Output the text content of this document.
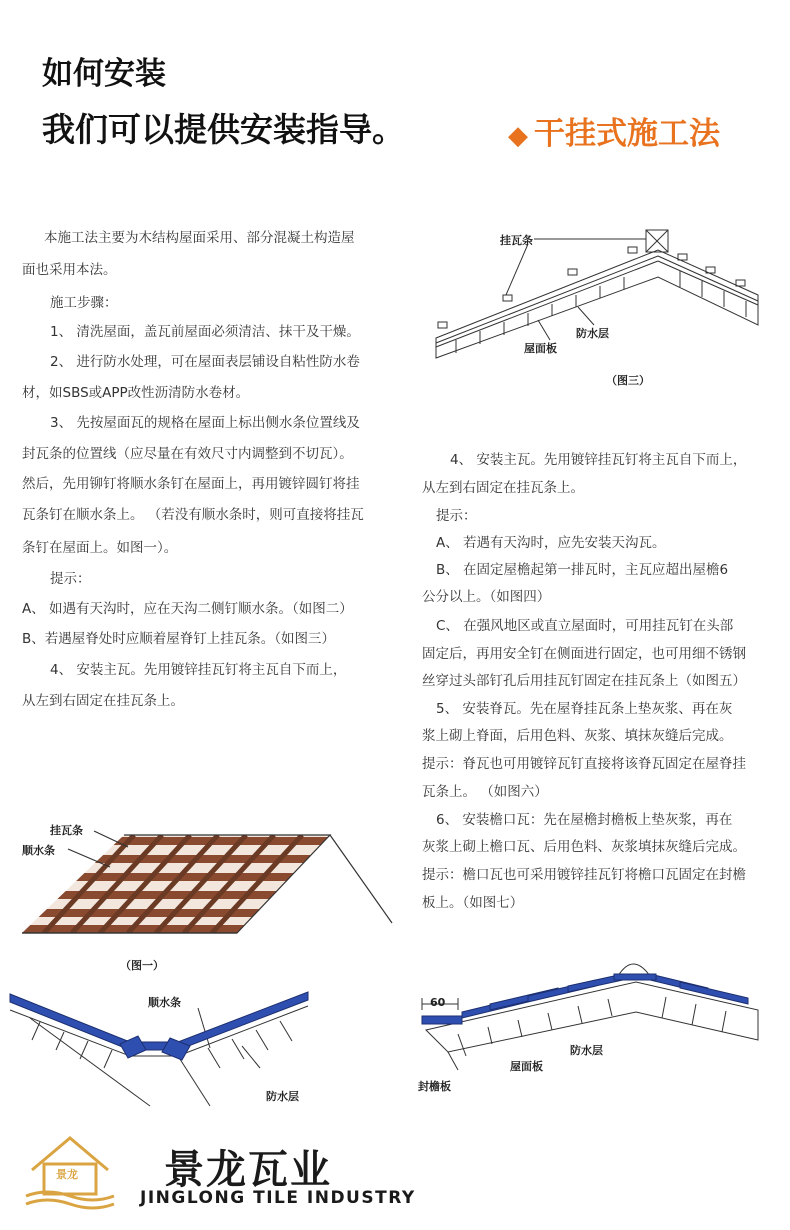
如何安装
我们可以提供安装指导。	◆ 干挂式施工法
本施工法主要为木结构屋面采用、部分混凝土构造屋
面也采用本法。
施工步骤：
1、 清洗屋面，盖瓦前屋面必须清洁、抹干及干燥。
2、 进行防水处理，可在屋面表层铺设自粘性防水卷
材，如SBS或APP改性沥清防水卷材。
3、 先按屋面瓦的规格在屋面上标出侧水条位置线及
封瓦条的位置线（应尽量在有效尺寸内调整到不切瓦）。
然后，先用铆钉将顺水条钉在屋面上，再用镀锌圆钉将挂
瓦条钉在顺水条上。 （若没有顺水条时，则可直接将挂瓦
条钉在屋面上。如图一）。
提示：
A、 如遇有天沟时，应在天沟二侧钉顺水条。（如图二）
B、若遇屋脊处时应顺着屋脊钉上挂瓦条。（如图三）
4、 安装主瓦。先用镀锌挂瓦钉将主瓦自下而上，
从左到右固定在挂瓦条上。
4、 安装主瓦。先用镀锌挂瓦钉将主瓦自下而上，
从左到右固定在挂瓦条上。
提示：
A、 若遇有天沟时，应先安装天沟瓦。
B、 在固定屋檐起第一排瓦时，主瓦应超出屋檐6
公分以上。（如图四）
C、 在强风地区或直立屋面时，可用挂瓦钉在头部
固定后，再用安全钉在侧面进行固定，也可用细不锈钢
丝穿过头部钉孔后用挂瓦钉固定在挂瓦条上（如图五）
5、 安装脊瓦。先在屋脊挂瓦条上垫灰浆、再在灰
浆上砌上脊面，后用色料、灰浆、填抹灰缝后完成。
提示：脊瓦也可用镀锌瓦钉直接将该脊瓦固定在屋脊挂
瓦条上。 （如图六）
6、 安装檐口瓦：先在屋檐封檐板上垫灰浆，再在
灰浆上砌上檐口瓦、后用色料、灰浆填抹灰缝后完成。
提示：檐口瓦也可采用镀锌挂瓦钉将檐口瓦固定在封檐
板上。（如图七）
挂瓦条
防水层
屋面板
（图三）
挂瓦条
顺水条
（图一）
顺水条
防水层
60
防水层
屋面板
封檐板
景龙 景龙瓦业
JINGLONG TILE INDUSTRY
